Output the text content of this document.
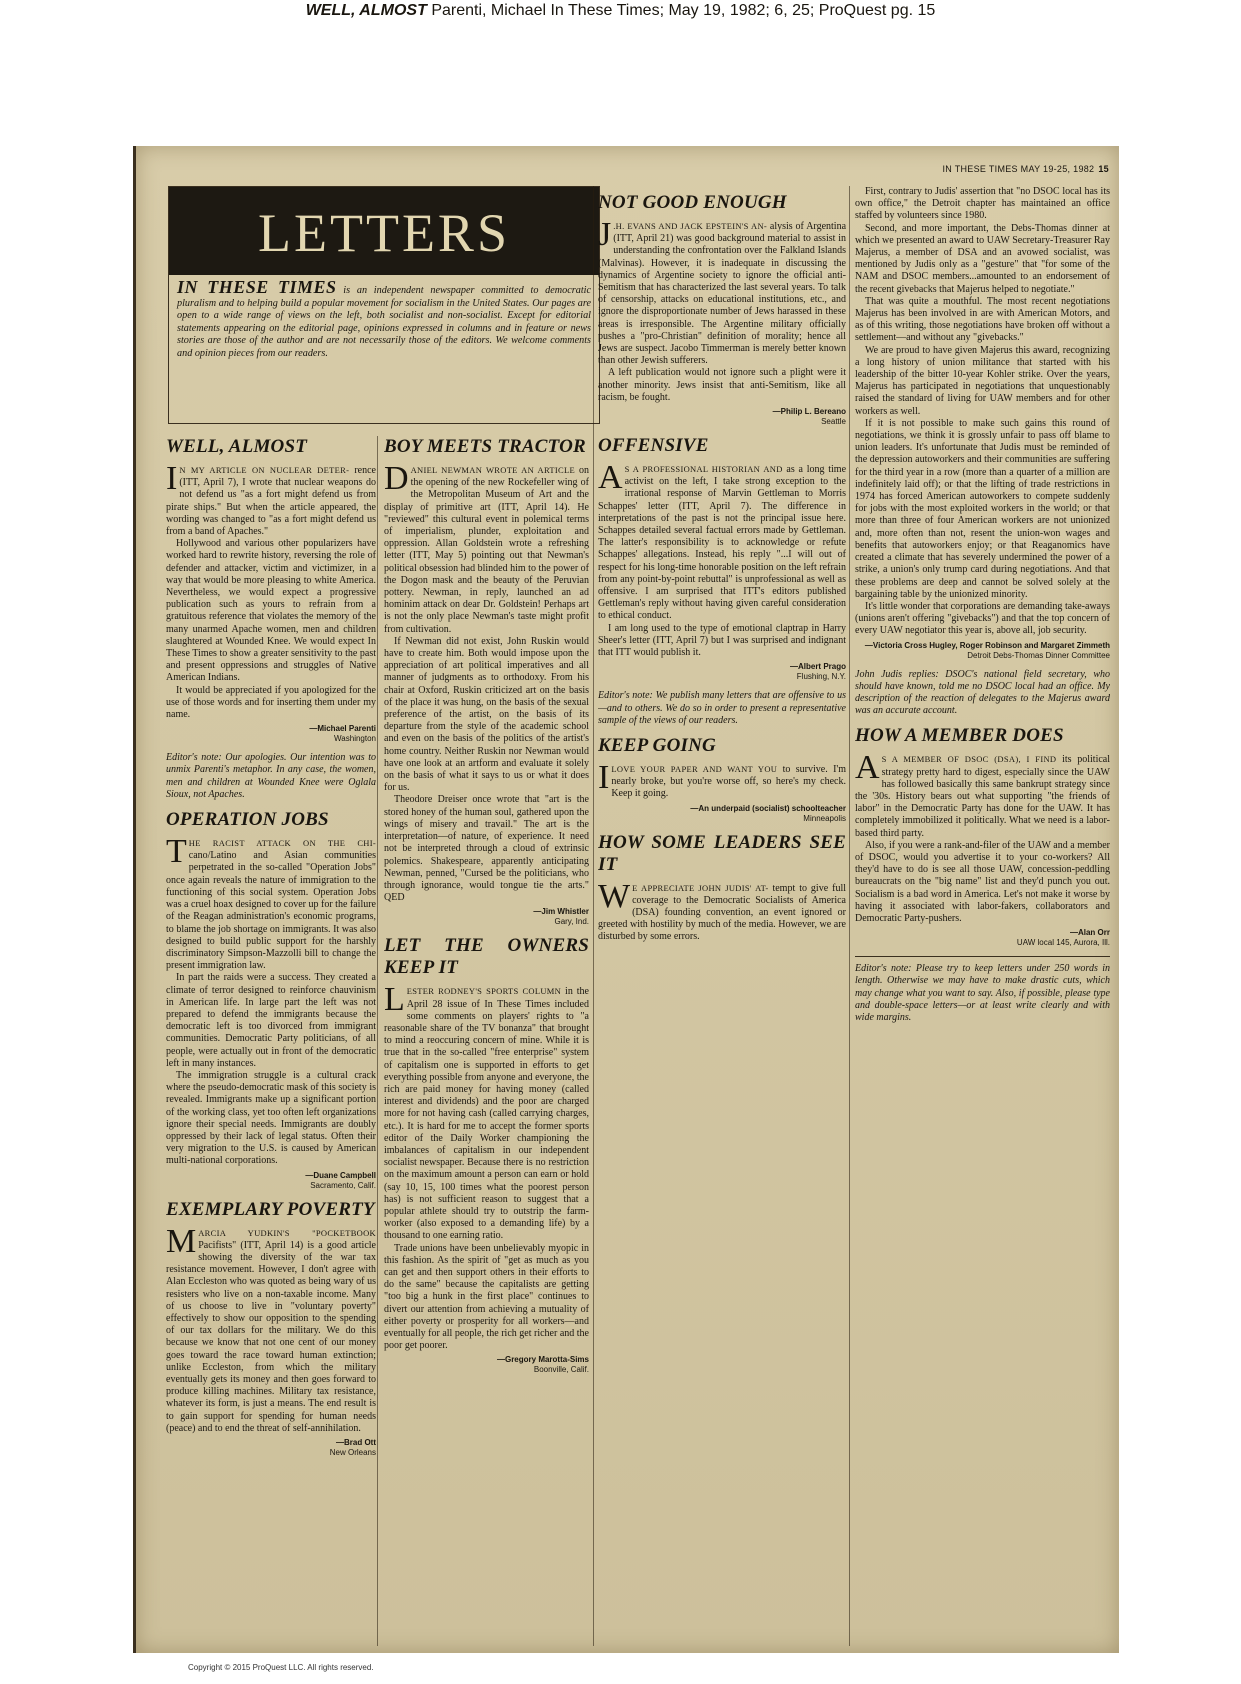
WELL, ALMOST Parenti, Michael In These Times; May 19, 1982; 6, 25; ProQuest pg. 15
IN THESE TIMES MAY 19-25, 1982 15
LETTERS
IN THESE TIMES is an independent newspaper committed to democratic pluralism and to helping build a popular movement for socialism in the United States. Our pages are open to a wide range of views on the left, both socialist and non-socialist. Except for editorial statements appearing on the editorial page, opinions expressed in columns and in feature or news stories are those of the author and are not necessarily those of the editors. We welcome comments and opinion pieces from our readers.
WELL, ALMOST

I N MY ARTICLE ON NUCLEAR DETER- rence (ITT, April 7), I wrote that nuclear weapons do not defend us "as a fort might defend us from pirate ships." But when the article appeared, the wording was changed to "as a fort might defend us from a band of Apaches."

Hollywood and various other popularizers have worked hard to rewrite history, reversing the role of defender and attacker, victim and victimizer, in a way that would be more pleasing to white America. Nevertheless, we would expect a progressive publication such as yours to refrain from a gratuitous reference that violates the memory of the many unarmed Apache women, men and children slaughtered at Wounded Knee. We would expect In These Times to show a greater sensitivity to the past and present oppressions and struggles of Native American Indians.

It would be appreciated if you apologized for the use of those words and for inserting them under my name.

—Michael Parenti
Washington
Editor's note: Our apologies. Our intention was to unmix Parenti's metaphor. In any case, the women, men and children at Wounded Knee were Oglala Sioux, not Apaches.
OPERATION JOBS

THE RACIST ATTACK ON THE CHI- cano/Latino and Asian communities perpetrated in the so-called "Operation Jobs" once again reveals the nature of immigration to the functioning of this social system. Operation Jobs was a cruel hoax designed to cover up for the failure of the Reagan administration's economic programs, to blame the job shortage on immigrants. It was also designed to build public support for the harshly discriminatory Simpson-Mazzolli bill to change the present immigration law.

In part the raids were a success. They created a climate of terror designed to reinforce chauvinism in American life. In large part the left was not prepared to defend the immigrants because the democratic left is too divorced from immigrant communities. Democratic Party politicians, of all people, were actually out in front of the democratic left in many instances.

The immigration struggle is a cultural crack where the pseudo-democratic mask of this society is revealed. Immigrants make up a significant portion of the working class, yet too often left organizations ignore their special needs. Immigrants are doubly oppressed by their lack of legal status. Often their very migration to the U.S. is caused by American multi-national corporations.

—Duane Campbell
Sacramento, Calif.
EXEMPLARY POVERTY

MARCIA YUDKIN'S "POCKETBOOK Pacifists" (ITT, April 14) is a good article showing the diversity of the war tax resistance movement. However, I don't agree with Alan Eccleston who was quoted as being wary of us resisters who live on a non-taxable income. Many of us choose to live in "voluntary poverty" effectively to show our opposition to the spending of our tax dollars for the military. We do this because we know that not one cent of our money goes toward the race toward human extinction; unlike Eccleston, from which the military eventually gets its money and then goes forward to produce killing machines. Military tax resistance, whatever its form, is just a means. The end result is to gain support for spending for human needs (peace) and to end the threat of self-annihilation.

—Brad Ott
New Orleans
BOY MEETS TRACTOR

DANIEL NEWMAN WROTE AN ARTICLE on the opening of the new Rockefeller wing of the Metropolitan Museum of Art and the display of primitive art (ITT, April 14). He "reviewed" this cultural event in polemical terms of imperialism, plunder, exploitation and oppression. Allan Goldstein wrote a refreshing letter (ITT, May 5) pointing out that Newman's political obsession had blinded him to the power of the Dogon mask and the beauty of the Peruvian pottery. Newman, in reply, launched an ad hominim attack on dear Dr. Goldstein! Perhaps art is not the only place Newman's taste might profit from cultivation.

If Newman did not exist, John Ruskin would have to create him. Both would impose upon the appreciation of art political imperatives and all manner of judgments as to orthodoxy. From his chair at Oxford, Ruskin criticized art on the basis of the place it was hung, on the basis of the sexual preference of the artist, on the basis of its departure from the style of the academic school and even on the basis of the politics of the artist's home country. Neither Ruskin nor Newman would have one look at an artform and evaluate it solely on the basis of what it says to us or what it does for us.

Theodore Dreiser once wrote that "art is the stored honey of the human soul, gathered upon the wings of misery and travail." The art is the interpretation—of nature, of experience. It need not be interpreted through a cloud of extrinsic polemics. Shakespeare, apparently anticipating Newman, penned, "Cursed be the politicians, who through ignorance, would tongue tie the arts." QED

—Jim Whistler
Gary, Ind.
LET THE OWNERS KEEP IT

LESTER RODNEY'S SPORTS COLUMN in the April 28 issue of In These Times included some comments on players' rights to "a reasonable share of the TV bonanza" that brought to mind a reoccuring concern of mine. While it is true that in the so-called "free enterprise" system of capitalism one is supported in efforts to get everything possible from anyone and everyone, the rich are paid money for having money (called interest and dividends) and the poor are charged more for not having cash (called carrying charges, etc.). It is hard for me to accept the former sports editor of the Daily Worker championing the imbalances of capitalism in our independent socialist newspaper. Because there is no restriction on the maximum amount a person can earn or hold (say 10, 15, 100 times what the poorest person has) is not sufficient reason to suggest that a popular athlete should try to outstrip the farm-worker (also exposed to a demanding life) by a thousand to one earning ratio.

Trade unions have been unbelievably myopic in this fashion. As the spirit of "get as much as you can get and then support others in their efforts to do the same" because the capitalists are getting "too big a hunk in the first place" continues to divert our attention from achieving a mutuality of either poverty or prosperity for all workers—and eventually for all people, the rich get richer and the poor get poorer.

—Gregory Marotta-Sims
Boonville, Calif.
NOT GOOD ENOUGH

J .H. EVANS AND JACK EPSTEIN'S AN- alysis of Argentina (ITT, April 21) was good background material to assist in understanding the confrontation over the Falkland Islands (Malvinas). However, it is inadequate in discussing the dynamics of Argentine society to ignore the official anti-Semitism that has characterized the last several years. To talk of censorship, attacks on educational institutions, etc., and ignore the disproportionate number of Jews harassed in these areas is irresponsible. The Argentine military officially pushes a "pro-Christian" definition of morality; hence all Jews are suspect. Jacobo Timmerman is merely better known than other Jewish sufferers.

A left publication would not ignore such a plight were it another minority. Jews insist that anti-Semitism, like all racism, be fought.

—Philip L. Bereano
Seattle
OFFENSIVE

A S A PROFESSIONAL HISTORIAN AND as a long time activist on the left, I take strong exception to the irrational response of Marvin Gettleman to Morris Schappes' letter (ITT, April 7). The difference in interpretations of the past is not the principal issue here. Schappes detailed several factual errors made by Gettleman. The latter's responsibility is to acknowledge or refute Schappes' allegations. Instead, his reply "...I will out of respect for his long-time honorable position on the left refrain from any point-by-point rebuttal" is unprofessional as well as offensive. I am surprised that ITT's editors published Gettleman's reply without having given careful consideration to ethical conduct.

I am long used to the type of emotional claptrap in Harry Sheer's letter (ITT, April 7) but I was surprised and indignant that ITT would publish it.

—Albert Prago
Flushing, N.Y.
Editor's note: We publish many letters that are offensive to us—and to others. We do so in order to present a representative sample of the views of our readers.
KEEP GOING

ILOVE YOUR PAPER AND WANT YOU to survive. I'm nearly broke, but you're worse off, so here's my check. Keep it going.

—An underpaid (socialist) schoolteacher
Minneapolis
HOW SOME LEADERS SEE IT

W E APPRECIATE JOHN JUDIS' AT- tempt to give full coverage to the Democratic Socialists of America (DSA) founding convention, an event ignored or greeted with hostility by much of the media. However, we are disturbed by some errors.

First, contrary to Judis' assertion that "no DSOC local has its own office," the Detroit chapter has maintained an office staffed by volunteers since 1980.

Second, and more important, the Debs-Thomas dinner at which we presented an award to UAW Secretary-Treasurer Ray Majerus, a member of DSA and an avowed socialist, was mentioned by Judis only as a "gesture" that "for some of the NAM and DSOC members...amounted to an endorsement of the recent givebacks that Majerus helped to negotiate."

That was quite a mouthful. The most recent negotiations Majerus has been involved in are with American Motors, and as of this writing, those negotiations have broken off without a settlement—and without any "givebacks."

We are proud to have given Majerus this award, recognizing a long history of union militance that started with his leadership of the bitter 10-year Kohler strike. Over the years, Majerus has participated in negotiations that unquestionably raised the standard of living for UAW members and for other workers as well.

If it is not possible to make such gains this round of negotiations, we think it is grossly unfair to pass off blame to union leaders. It's unfortunate that Judis must be reminded of the depression autoworkers and their communities are suffering for the third year in a row (more than a quarter of a million are indefinitely laid off); or that the lifting of trade restrictions in 1974 has forced American autoworkers to compete suddenly for jobs with the most exploited workers in the world; or that more than three of four American workers are not unionized and, more often than not, resent the union-won wages and benefits that autoworkers enjoy; or that Reaganomics have created a climate that has severely undermined the power of a strike, a union's only trump card during negotiations. And that these problems are deep and cannot be solved solely at the bargaining table by the unionized minority.

It's little wonder that corporations are demanding take-aways (unions aren't offering "givebacks") and that the top concern of every UAW negotiator this year is, above all, job security.

—Victoria Cross Hugley, Roger Robinson and Margaret Zimmeth
Detroit Debs-Thomas Dinner Committee
John Judis replies: DSOC's national field secretary, who should have known, told me no DSOC local had an office. My description of the reaction of delegates to the Majerus award was an accurate account.
HOW A MEMBER DOES

A S A MEMBER OF DSOC (DSA), I FIND its political strategy pretty hard to digest, especially since the UAW has followed basically this same bankrupt strategy since the '30s. History bears out what supporting "the friends of labor" in the Democratic Party has done for the UAW. It has completely immobilized it politically. What we need is a labor-based third party.

Also, if you were a rank-and-filer of the UAW and a member of DSOC, would you advertise it to your co-workers? All they'd have to do is see all those UAW, concession-peddling bureaucrats on the "big name" list and they'd punch you out. Socialism is a bad word in America. Let's not make it worse by having it associated with labor-fakers, collaborators and Democratic Party-pushers.

—Alan Orr
UAW local 145, Aurora, Ill.
Editor's note: Please try to keep letters under 250 words in length. Otherwise we may have to make drastic cuts, which may change what you want to say. Also, if possible, please type and double-space letters—or at least write clearly and with wide margins.
Copyright © 2015 ProQuest LLC. All rights reserved.
